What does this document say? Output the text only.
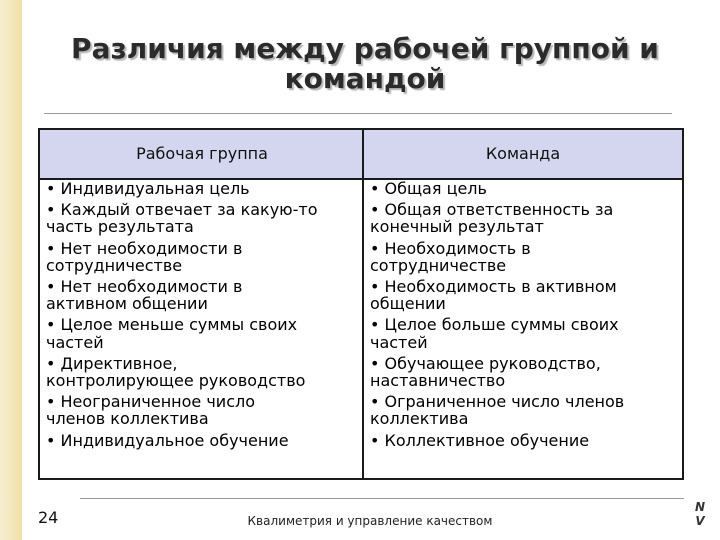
Различия между рабочей группой и командой
Рабочая группа	Команда
• Индивидуальная цель
• Каждый отвечает за какую-то
часть результата
• Нет необходимости в
сотрудничестве
• Нет необходимости в
активном общении
• Целое меньше суммы своих
частей
• Директивное,
контролирующее руководство
• Неограниченное число
членов коллектива
• Индивидуальное обучение
• Общая цель
• Общая ответственность за
конечный результат
• Необходимость в
сотрудничестве
• Необходимость в активном
общении
• Целое больше суммы своих
частей
• Обучающее руководство,
наставничество
• Ограниченное число членов
коллектива
• Коллективное обучение
24	Квалиметрия и управление качеством
N
V
